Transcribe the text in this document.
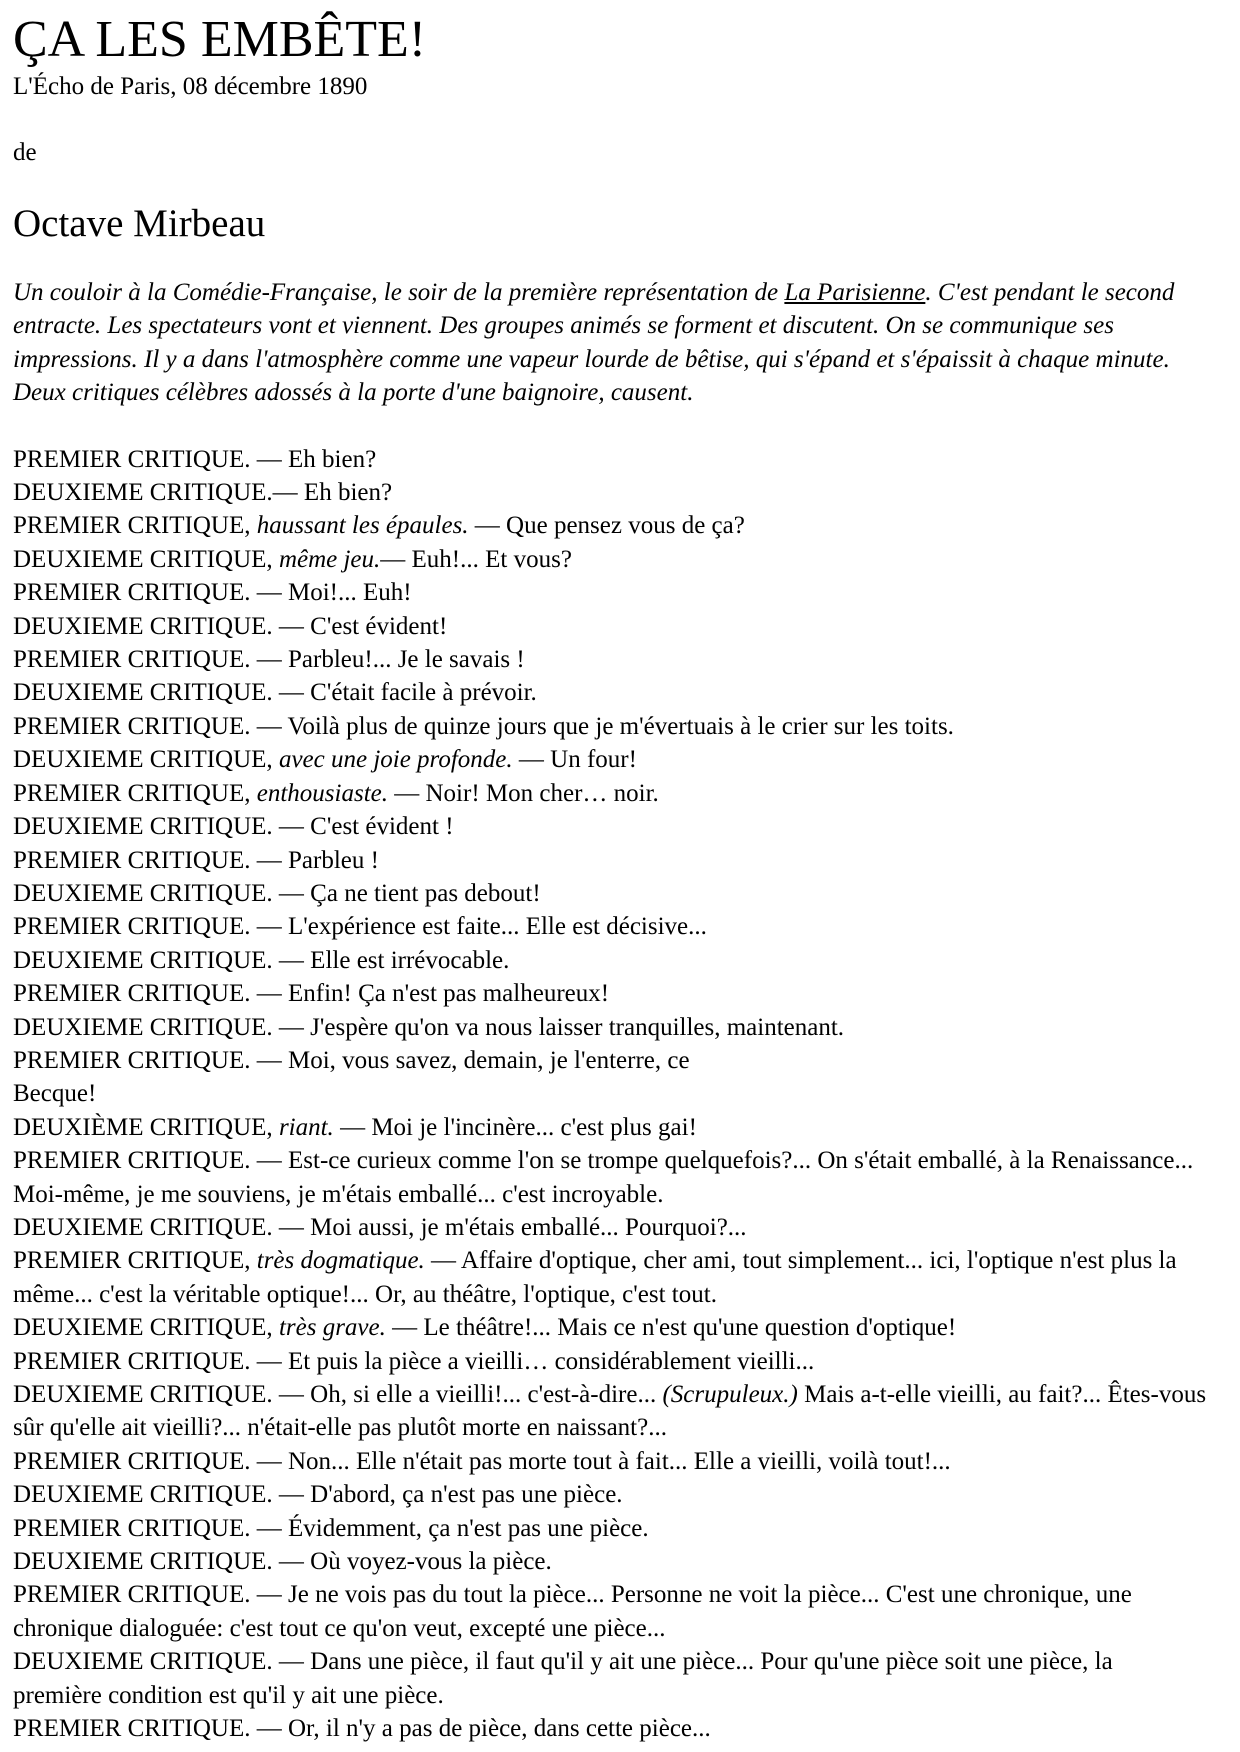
ÇA LES EMBÊTE!

L'Écho de Paris, 08 décembre 1890

de

Octave Mirbeau

Un couloir à la Comédie-Française, le soir de la première représentation de La Parisienne. C'est pendant le second entracte. Les spectateurs vont et viennent. Des groupes animés se forment et discutent. On se communique ses impressions. Il y a dans l'atmosphère comme une vapeur lourde de bêtise, qui s'épand et s'épaissit à chaque minute. Deux critiques célèbres adossés à la porte d'une baignoire, causent.

PREMIER CRITIQUE. — Eh bien?

DEUXIEME CRITIQUE.— Eh bien?

PREMIER CRITIQUE, haussant les épaules. — Que pensez vous de ça?

DEUXIEME CRITIQUE, même jeu.— Euh!... Et vous?

PREMIER CRITIQUE. — Moi!... Euh!

DEUXIEME CRITIQUE. — C'est évident!

PREMIER CRITIQUE. — Parbleu!... Je le savais !

DEUXIEME CRITIQUE. — C'était facile à prévoir.

PREMIER CRITIQUE. — Voilà plus de quinze jours que je m'évertuais à le crier sur les toits.

DEUXIEME CRITIQUE, avec une joie profonde. — Un four!

PREMIER CRITIQUE, enthousiaste. — Noir! Mon cher… noir.

DEUXIEME CRITIQUE. — C'est évident !

PREMIER CRITIQUE. — Parbleu !

DEUXIEME CRITIQUE. — Ça ne tient pas debout!

PREMIER CRITIQUE. — L'expérience est faite... Elle est décisive...

DEUXIEME CRITIQUE. — Elle est irrévocable.

PREMIER CRITIQUE. — Enfin! Ça n'est pas malheureux!

DEUXIEME CRITIQUE. — J'espère qu'on va nous laisser tranquilles, maintenant.

PREMIER CRITIQUE. — Moi, vous savez, demain, je l'enterre, ce

Becque!

DEUXIÈME CRITIQUE, riant. — Moi je l'incinère... c'est plus gai!

PREMIER CRITIQUE. — Est-ce curieux comme l'on se trompe quelquefois?... On s'était emballé, à la Renaissance... Moi-même, je me souviens, je m'étais emballé... c'est incroyable.

DEUXIEME CRITIQUE. — Moi aussi, je m'étais emballé... Pourquoi?...

PREMIER CRITIQUE, très dogmatique. — Affaire d'optique, cher ami, tout simplement... ici, l'optique n'est plus la même... c'est la véritable optique!... Or, au théâtre, l'optique, c'est tout.

DEUXIEME CRITIQUE, très grave. — Le théâtre!... Mais ce n'est qu'une question d'optique!

PREMIER CRITIQUE. — Et puis la pièce a vieilli… considérablement vieilli...

DEUXIEME CRITIQUE. — Oh, si elle a vieilli!... c'est-à-dire... (Scrupuleux.) Mais a-t-elle vieilli, au fait?... Êtes-vous sûr qu'elle ait vieilli?... n'était-elle pas plutôt morte en naissant?...

PREMIER CRITIQUE. — Non... Elle n'était pas morte tout à fait... Elle a vieilli, voilà tout!...

DEUXIEME CRITIQUE. — D'abord, ça n'est pas une pièce.

PREMIER CRITIQUE. — Évidemment, ça n'est pas une pièce.

DEUXIEME CRITIQUE. — Où voyez-vous la pièce.

PREMIER CRITIQUE. — Je ne vois pas du tout la pièce... Personne ne voit la pièce... C'est une chronique, une chronique dialoguée: c'est tout ce qu'on veut, excepté une pièce...

DEUXIEME CRITIQUE. — Dans une pièce, il faut qu'il y ait une pièce... Pour qu'une pièce soit une pièce, la première condition est qu'il y ait une pièce.

PREMIER CRITIQUE. — Or, il n'y a pas de pièce, dans cette pièce...
